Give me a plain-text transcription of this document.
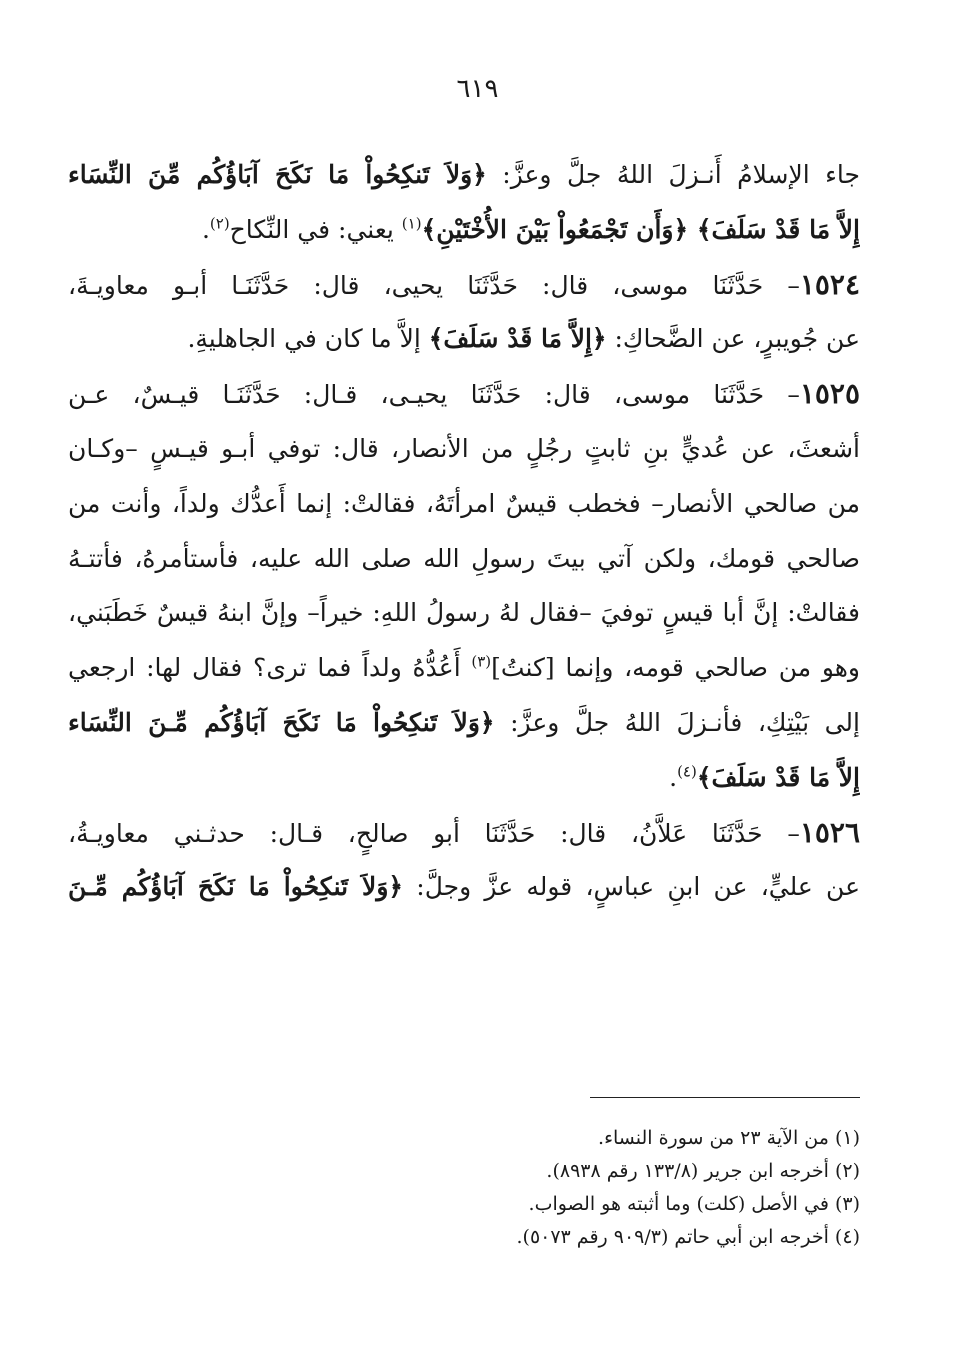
٦١٩
جاء الإسلامُ أَنـزلَ اللهُ جلَّ وعزَّ: ﴿وَلاَ تَنكِحُواْ مَا نَكَحَ آبَاؤُكُم مِّنَ النِّسَاء
إِلاَّ مَا قَدْ سَلَفَ﴾ ﴿وَأَن تَجْمَعُواْ بَيْنَ الأُخْتَيْنِ﴾$^{(١)}$ يعني: في النِّكاح$^{(٢)}$.
١٥٢٤– حَدَّثَنَا موسى، قال: حَدَّثَنَا يحيى، قال: حَدَّثَنَـا أبـو معاويـةَ،
عن جُويبرٍ، عن الضَّحاكِ: ﴿إِلاَّ مَا قَدْ سَلَفَ﴾ إلاَّ ما كان في الجاهليةِ.
١٥٢٥– حَدَّثَنَا موسى، قال: حَدَّثَنَا يحيـى، قـال: حَدَّثَنَـا قيـسٌ، عـن
أشعثَ، عن عُديٍّ بنِ ثابتٍ رجُلٍ من الأنصار، قال: توفي أبـو قيـسٍ –وكـان
من صالحي الأنصار– فخطب قيسٌ امرأتَهُ، فقالتْ: إنما أَعدُّك ولداً، وأنت من
صالحي قومك، ولكن آتي بيتَ رسولِ الله صلى الله عليه، فأستأمرهُ، فأتتـهُ
فقالتْ: إنَّ أبا قيسٍ توفيَ –فقال لهُ رسولُ اللهِ: خيراً– وإنَّ ابنهُ قيسٌ خَطَبَني،
وهو من صالحي قومه، وإنما [كنتُ]$^{(٣)}$ أَعُدُّهُ ولداً فما ترى؟ فقال لها: ارجعي
إلى بَيْتِكِ، فأنـزلَ اللهُ جلَّ وعزَّ: ﴿وَلاَ تَنكِحُواْ مَا نَكَحَ آبَاؤُكُم مِّـنَ النِّسَاء
إِلاَّ مَا قَدْ سَلَفَ﴾$^{(٤)}$.
١٥٢٦– حَدَّثَنَا عَلاَّنُ، قال: حَدَّثَنَا أبو صالحٍ، قـال: حدثـني معاويـةُ،
عن عليٍّ، عن ابنِ عباسٍ، قوله عزَّ وجلَّ: ﴿وَلاَ تَنكِحُواْ مَا نَكَحَ آبَاؤُكُم مِّـنَ
(١) من الآية ٢٣ من سورة النساء.
(٢) أخرجه ابن جرير (١٣٣/٨ رقم ٨٩٣٨).
(٣) في الأصل (كلت) وما أثبته هو الصواب.
(٤) أخرجه ابن أبي حاتم (٩٠٩/٣ رقم ٥٠٧٣).
